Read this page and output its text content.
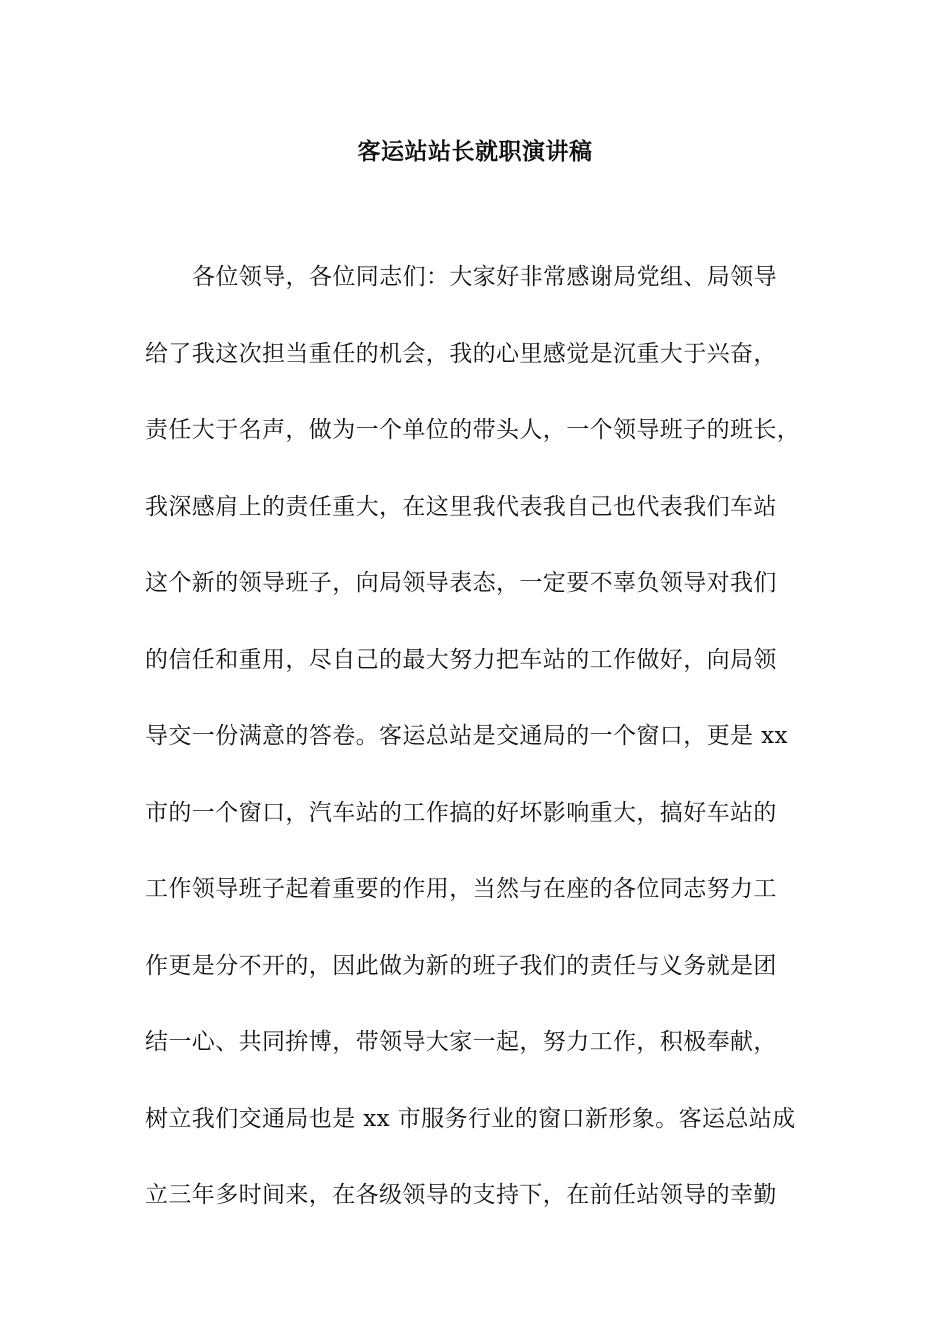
客运站站长就职演讲稿
各位领导，各位同志们：大家好非常感谢局党组、局领导
给了我这次担当重任的机会，我的心里感觉是沉重大于兴奋，
责任大于名声，做为一个单位的带头人，一个领导班子的班长，
我深感肩上的责任重大，在这里我代表我自己也代表我们车站
这个新的领导班子，向局领导表态，一定要不辜负领导对我们
的信任和重用，尽自己的最大努力把车站的工作做好，向局领
导交一份满意的答卷。客运总站是交通局的一个窗口，更是 xx
市的一个窗口，汽车站的工作搞的好坏影响重大，搞好车站的
工作领导班子起着重要的作用，当然与在座的各位同志努力工
作更是分不开的，因此做为新的班子我们的责任与义务就是团
结一心、共同拚博，带领导大家一起，努力工作，积极奉献，
树立我们交通局也是 xx 市服务行业的窗口新形象。客运总站成
立三年多时间来，在各级领导的支持下，在前任站领导的幸勤
